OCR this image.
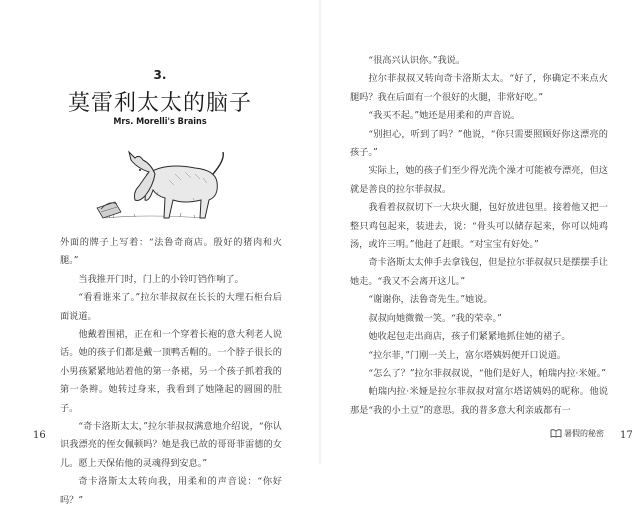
3.
莫雷利太太的脑子
Mrs. Morelli's Brains

外面的牌子上写着：“法鲁奇商店。殷好的猪肉和火腿。”

当我推开门时，门上的小铃叮铛作响了。

“看看谁来了。”拉尔菲叔叔在长长的大理石柜台后面说道。

他戴着围裙，正在和一个穿着长袍的意大利老人说话。她的孩子们都是戴一顶鸭舌帽的。一个脖子很长的小男孩紧紧地站着他的第一条裙，另一个孩子抓着我的第一条辫。她转过身来，我看到了她隆起的圆圆的肚子。

“奇卡洛斯太太，”拉尔菲叔叔满意地介绍说，“你认识我漂亮的侄女佩顿吗？她是我已故的哥哥菲雷德的女儿。愿上天保佑他的灵魂得到安息。”

奇卡洛斯太太转向我，用柔和的声音说：“你好吗？”

16

“很高兴认识你。”我说。

拉尔菲叔叔又转向奇卡洛斯太太。“好了，你确定不来点火腿吗？我在后面有一个很好的火腿，非常好吃。”

“我买不起。”她还是用柔和的声音说。

“别担心，听到了吗？”他说，“你只需要照顾好你这漂亮的孩子。”

实际上，她的孩子们至少得光洗个澡才可能被夸漂亮，但这就是善良的拉尔菲叔叔。

我看着叔叔切下一大块火腿，包好放进包里。接着他又把一整只鸡包起来，装进去，说：“骨头可以储存起来，你可以炖鸡汤，或许三明。”他赶了赶眼。“对宝宝有好处。”

奇卡洛斯太太伸手去拿钱包，但是拉尔菲叔叔只是摆摆手让她走。“我又不会离开这儿。”

“谢谢你，法鲁奇先生。”她说。

叔叔向她微微一笑。“我的荣幸。”

她收起包走出商店，孩子们紧紧地抓住她的裙子。

“拉尔菲，”门刚一关上，富尔塔姨妈便开口说道。

“怎么了？”拉尔菲叔叔说，“他们是好人，帕瑞内拉·米娅。”

帕瑞内拉·米娅是拉尔菲叔叔对富尔塔诺姨妈的昵称。他说那是“我的小土豆”的意思。我的普多意大利亲戚都有一

暑假的秘密 17
